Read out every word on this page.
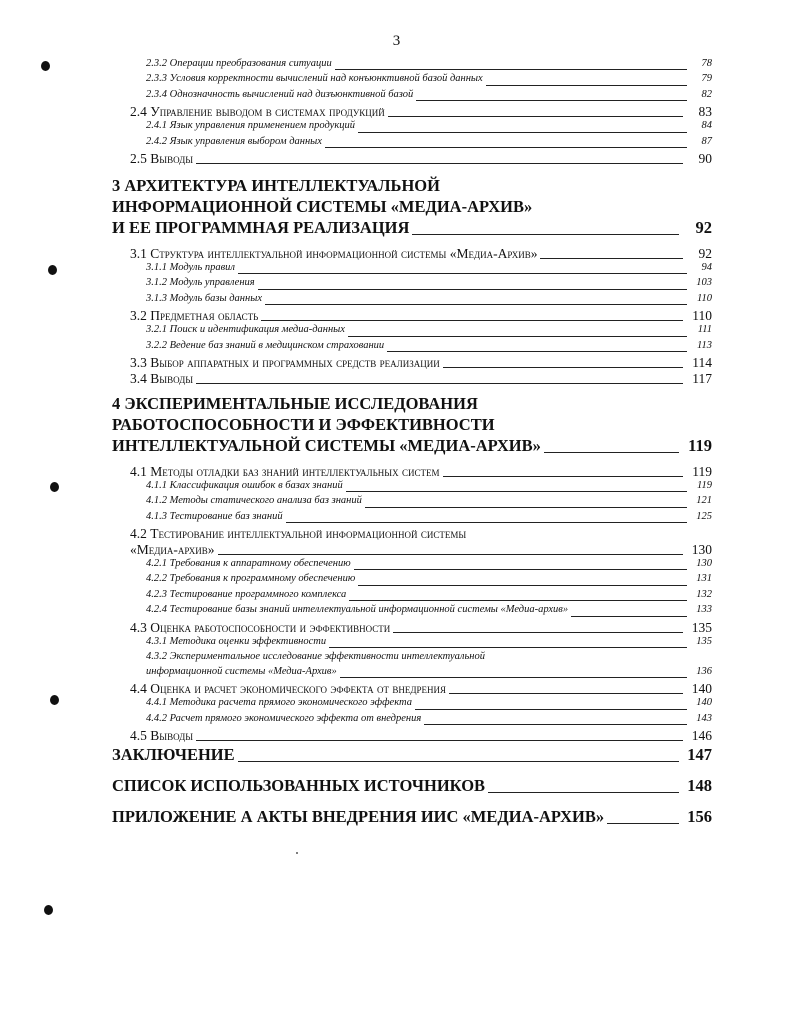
3
2.3.2 Операции преобразования ситуации	78
2.3.3 Условия корректности вычислений над конъюнктивной базой данных	79
2.3.4 Однозначность вычислений над дизъюнктивной базой	82
2.4 Управление выводом в системах продукций	83
2.4.1 Язык управления применением продукций	84
2.4.2 Язык управления выбором данных	87
2.5 Выводы	90
3 АРХИТЕКТУРА ИНТЕЛЛЕКТУАЛЬНОЙ
ИНФОРМАЦИОННОЙ СИСТЕМЫ «МЕДИА-АРХИВ»
И ЕЕ ПРОГРАММНАЯ РЕАЛИЗАЦИЯ	92
3.1 Структура интеллектуальной информационной системы «Медиа-Архив»	92
3.1.1 Модуль правил	94
3.1.2 Модуль управления	103
3.1.3 Модуль базы данных	110
3.2 Предметная область	110
3.2.1 Поиск и идентификация медиа-данных	111
3.2.2 Ведение баз знаний в медицинском страховании	113
3.3 Выбор аппаратных и программных средств реализации	114
3.4 Выводы	117
4 ЭКСПЕРИМЕНТАЛЬНЫЕ ИССЛЕДОВАНИЯ
РАБОТОСПОСОБНОСТИ И ЭФФЕКТИВНОСТИ
ИНТЕЛЛЕКТУАЛЬНОЙ СИСТЕМЫ «МЕДИА-АРХИВ»	119
4.1 Методы отладки баз знаний интеллектуальных систем	119
4.1.1 Классификация ошибок в базах знаний	119
4.1.2 Методы статического анализа баз знаний	121
4.1.3 Тестирование баз знаний	125
4.2 Тестирование интеллектуальной информационной системы
«Медиа-архив»	130
4.2.1 Требования к аппаратному обеспечению	130
4.2.2 Требования к программному обеспечению	131
4.2.3 Тестирование программного комплекса	132
4.2.4 Тестирование базы знаний интеллектуальной информационной системы «Медиа-архив»	133
4.3 Оценка работоспособности и эффективности	135
4.3.1 Методика оценки эффективности	135
4.3.2 Экспериментальное исследование эффективности интеллектуальной
информационной системы «Медиа-Архив»	136
4.4 Оценка и расчет экономического эффекта от внедрения	140
4.4.1 Методика расчета прямого экономического эффекта	140
4.4.2 Расчет прямого экономического эффекта от внедрения	143
4.5 Выводы	146
ЗАКЛЮЧЕНИЕ	147
СПИСОК ИСПОЛЬЗОВАННЫХ ИСТОЧНИКОВ	148
ПРИЛОЖЕНИЕ А АКТЫ ВНЕДРЕНИЯ ИИС «МЕДИА-АРХИВ»	156
